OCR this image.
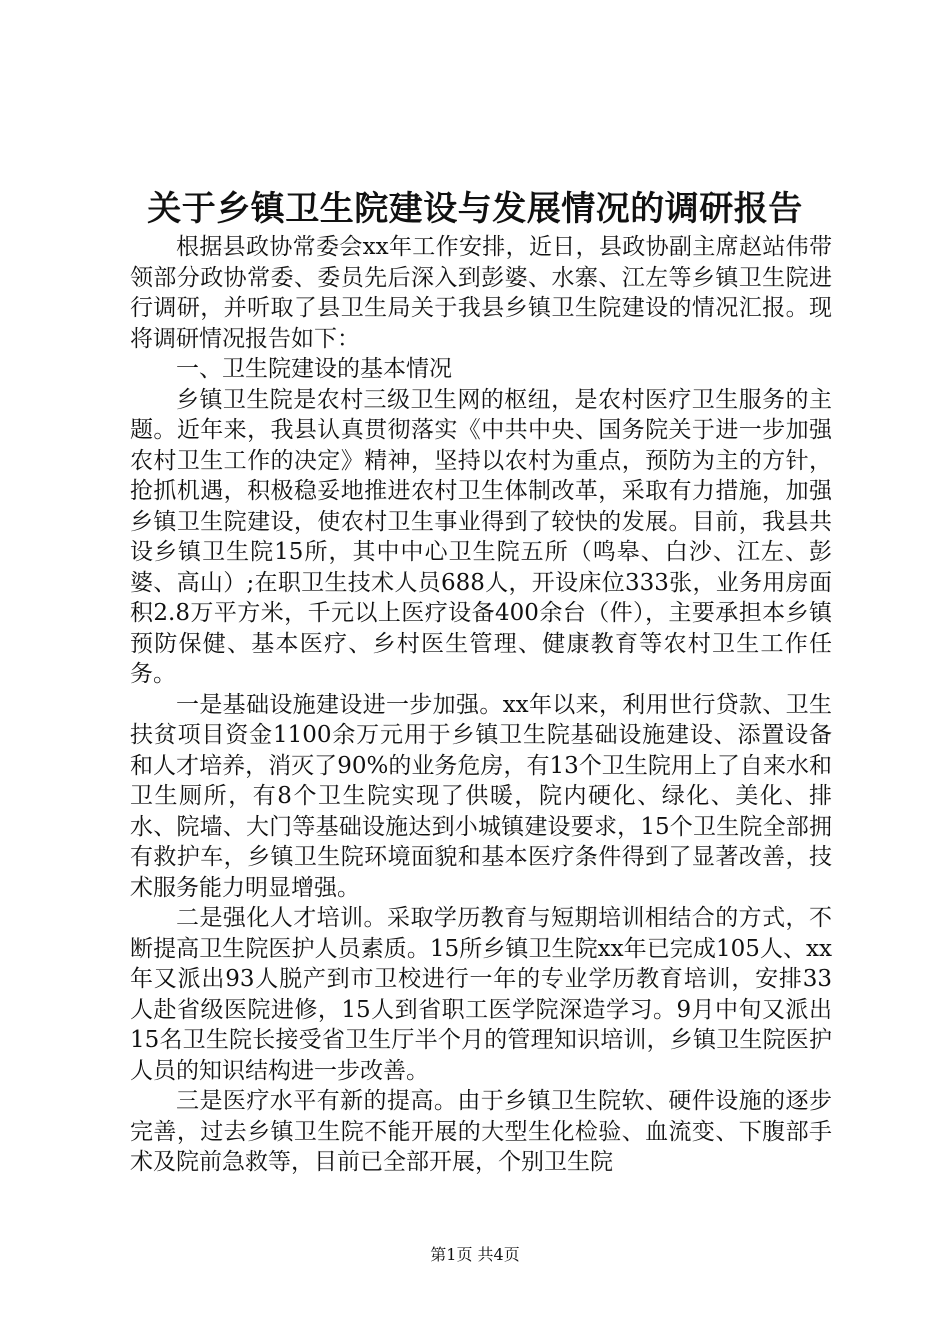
关于乡镇卫生院建设与发展情况的调研报告

根据县政协常委会xx年工作安排，近日，县政协副主席赵站伟带领部分政协常委、委员先后深入到彭婆、水寨、江左等乡镇卫生院进行调研，并听取了县卫生局关于我县乡镇卫生院建设的情况汇报。现将调研情况报告如下：

一、卫生院建设的基本情况

乡镇卫生院是农村三级卫生网的枢纽，是农村医疗卫生服务的主题。近年来，我县认真贯彻落实《中共中央、国务院关于进一步加强农村卫生工作的决定》精神，坚持以农村为重点，预防为主的方针，抢抓机遇，积极稳妥地推进农村卫生体制改革，采取有力措施，加强乡镇卫生院建设，使农村卫生事业得到了较快的发展。目前，我县共设乡镇卫生院15所，其中中心卫生院五所（鸣皋、白沙、江左、彭婆、高山）;在职卫生技术人员688人，开设床位333张，业务用房面积2.8万平方米，千元以上医疗设备400余台（件），主要承担本乡镇预防保健、基本医疗、乡村医生管理、健康教育等农村卫生工作任务。

一是基础设施建设进一步加强。xx年以来，利用世行贷款、卫生扶贫项目资金1100余万元用于乡镇卫生院基础设施建设、添置设备和人才培养，消灭了90%的业务危房，有13个卫生院用上了自来水和卫生厕所，有8个卫生院实现了供暖，院内硬化、绿化、美化、排水、院墙、大门等基础设施达到小城镇建设要求，15个卫生院全部拥有救护车，乡镇卫生院环境面貌和基本医疗条件得到了显著改善，技术服务能力明显增强。

二是强化人才培训。采取学历教育与短期培训相结合的方式，不断提高卫生院医护人员素质。15所乡镇卫生院xx年已完成105人、xx年又派出93人脱产到市卫校进行一年的专业学历教育培训，安排33人赴省级医院进修，15人到省职工医学院深造学习。9月中旬又派出15名卫生院长接受省卫生厅半个月的管理知识培训，乡镇卫生院医护人员的知识结构进一步改善。

三是医疗水平有新的提高。由于乡镇卫生院软、硬件设施的逐步完善，过去乡镇卫生院不能开展的大型生化检验、血流变、下腹部手术及院前急救等，目前已全部开展，个别卫生院

第1页 共4页
